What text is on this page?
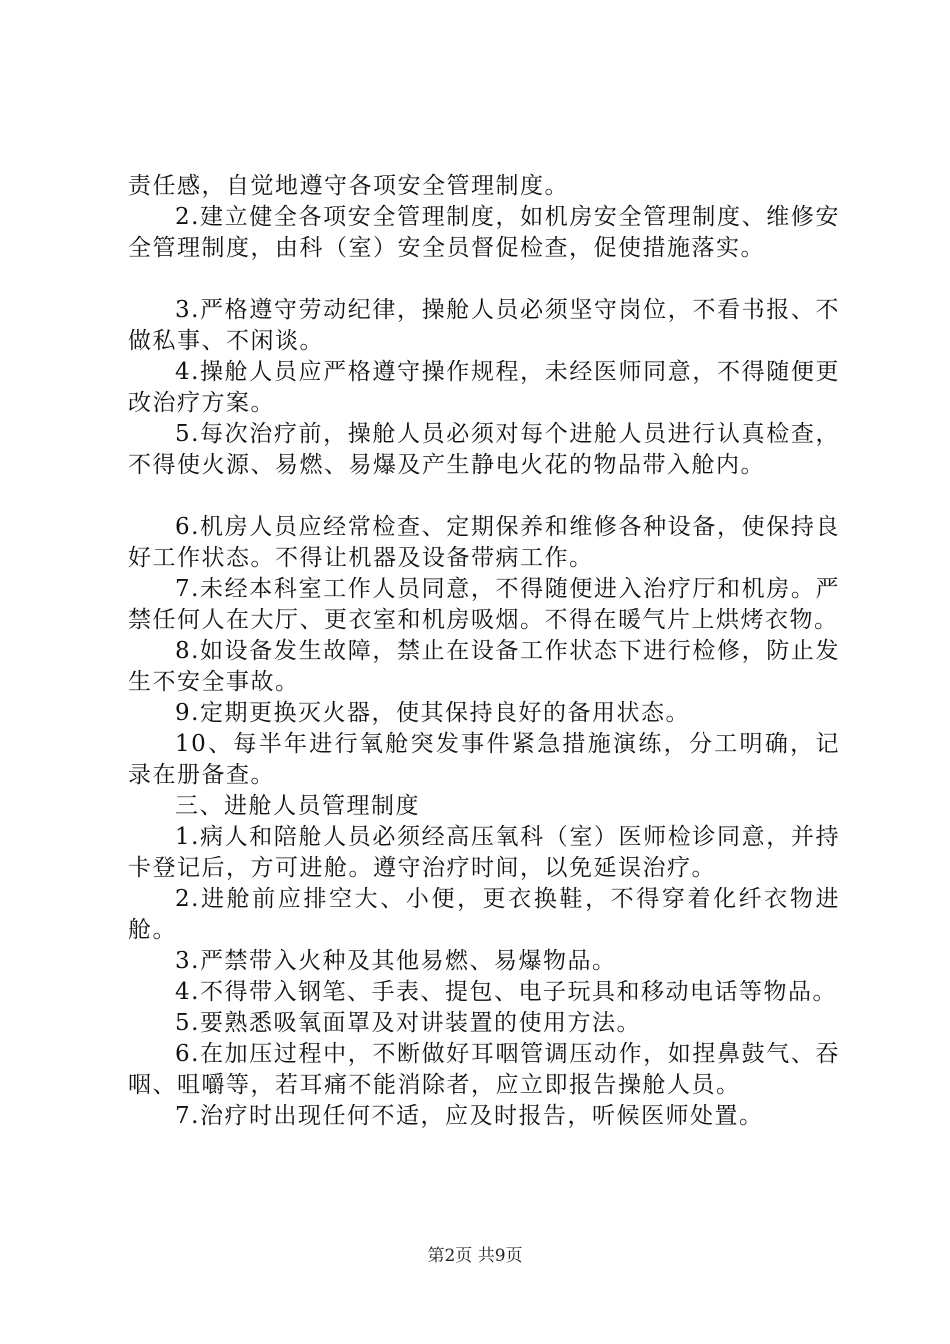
责任感，自觉地遵守各项安全管理制度。

2.建立健全各项安全管理制度，如机房安全管理制度、维修安全管理制度，由科（室）安全员督促检查，促使措施落实。

3.严格遵守劳动纪律，操舱人员必须坚守岗位，不看书报、不做私事、不闲谈。

4.操舱人员应严格遵守操作规程，未经医师同意，不得随便更改治疗方案。

5.每次治疗前，操舱人员必须对每个进舱人员进行认真检查，不得使火源、易燃、易爆及产生静电火花的物品带入舱内。

6.机房人员应经常检查、定期保养和维修各种设备，使保持良好工作状态。不得让机器及设备带病工作。

7.未经本科室工作人员同意，不得随便进入治疗厅和机房。严禁任何人在大厅、更衣室和机房吸烟。不得在暖气片上烘烤衣物。

8.如设备发生故障，禁止在设备工作状态下进行检修，防止发生不安全事故。

9.定期更换灭火器，使其保持良好的备用状态。

10、每半年进行氧舱突发事件紧急措施演练，分工明确，记录在册备查。

三、进舱人员管理制度

1.病人和陪舱人员必须经高压氧科（室）医师检诊同意，并持卡登记后，方可进舱。遵守治疗时间，以免延误治疗。

2.进舱前应排空大、小便，更衣换鞋，不得穿着化纤衣物进舱。

3.严禁带入火种及其他易燃、易爆物品。

4.不得带入钢笔、手表、提包、电子玩具和移动电话等物品。

5.要熟悉吸氧面罩及对讲装置的使用方法。

6.在加压过程中，不断做好耳咽管调压动作，如捏鼻鼓气、吞咽、咀嚼等，若耳痛不能消除者，应立即报告操舱人员。

7.治疗时出现任何不适，应及时报告，听候医师处置。

第2页 共9页
